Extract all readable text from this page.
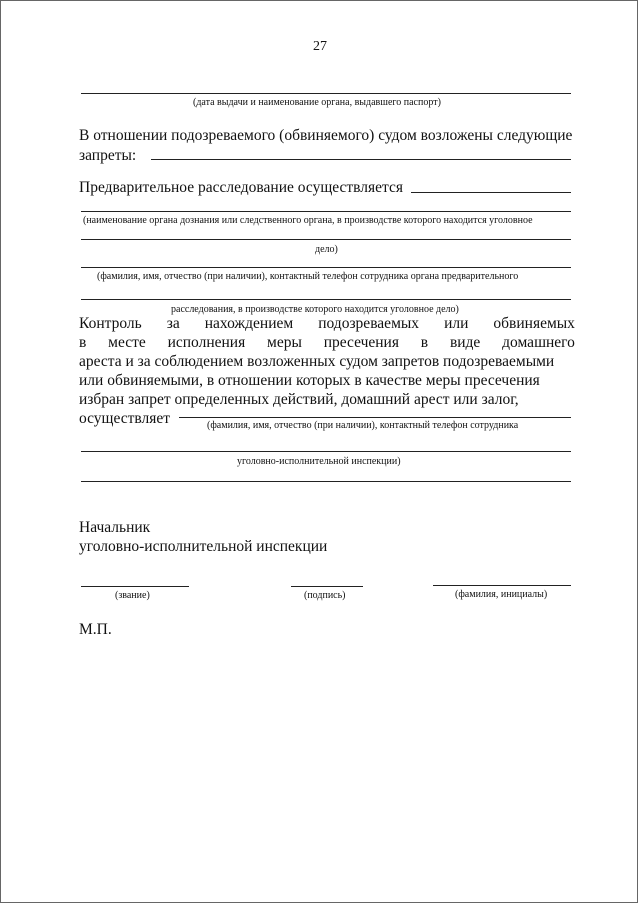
27
(дата выдачи и наименование органа, выдавшего паспорт)
В отношении подозреваемого (обвиняемого) судом возложены следующие
запреты:
Предварительное расследование осуществляется
(наименование органа дознания или следственного органа, в производстве которого находится уголовное
дело)
(фамилия, имя, отчество (при наличии), контактный телефон сотрудника органа предварительного
расследования, в производстве которого находится уголовное дело)
Контроль за нахождением подозреваемых или обвиняемых
в месте исполнения меры пресечения в виде домашнего
ареста и за соблюдением возложенных судом запретов подозреваемыми
или обвиняемыми, в отношении которых в качестве меры пресечения
избран запрет определенных действий, домашний арест или залог,
осуществляет	(фамилия, имя, отчество (при наличии), контактный телефон сотрудника
уголовно-исполнительной инспекции)
Начальник
уголовно-исполнительной инспекции
(звание)	(подпись)	(фамилия, инициалы)
М.П.
